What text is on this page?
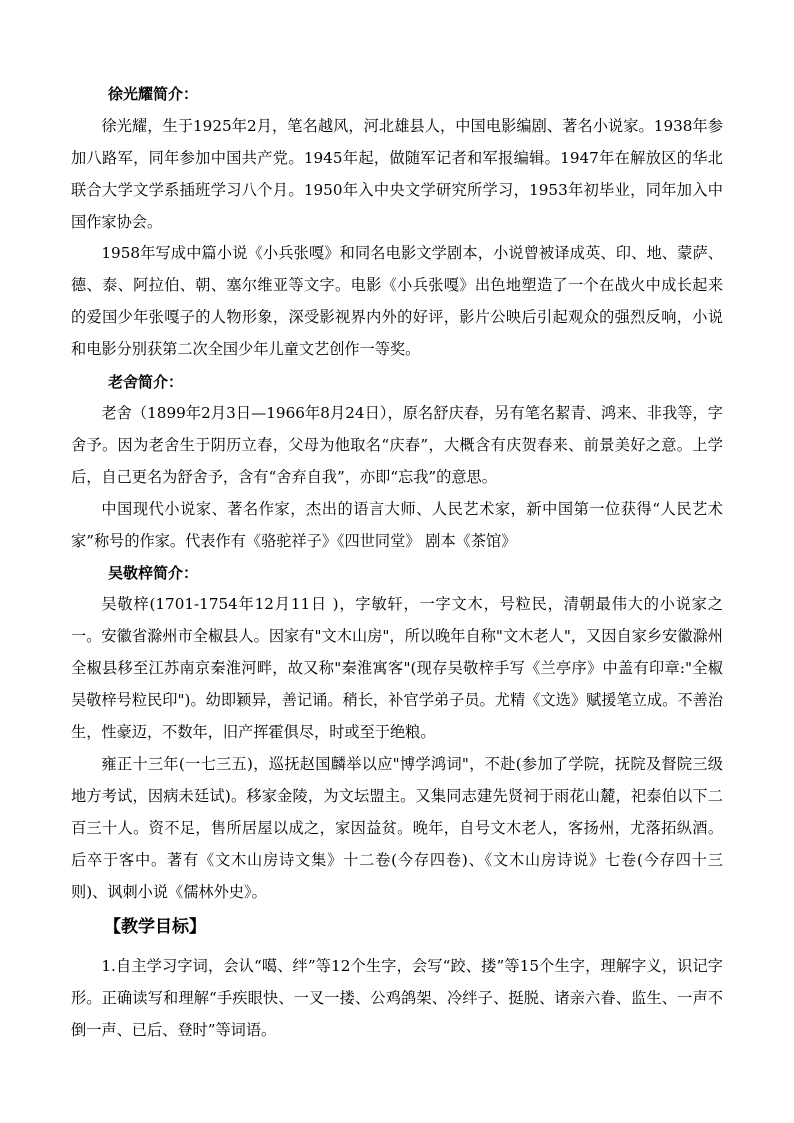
徐光耀简介：

徐光耀，生于1925年2月，笔名越风，河北雄县人，中国电影编剧、著名小说家。1938年参加八路军，同年参加中国共产党。1945年起，做随军记者和军报编辑。1947年在解放区的华北联合大学文学系插班学习八个月。1950年入中央文学研究所学习，1953年初毕业，同年加入中国作家协会。

1958年写成中篇小说《小兵张嘎》和同名电影文学剧本，小说曾被译成英、印、地、蒙萨、德、泰、阿拉伯、朝、塞尔维亚等文字。电影《小兵张嘎》出色地塑造了一个在战火中成长起来的爱国少年张嘎子的人物形象，深受影视界内外的好评，影片公映后引起观众的强烈反响，小说和电影分别获第二次全国少年儿童文艺创作一等奖。

老舍简介：

老舍（1899年2月3日—1966年8月24日），原名舒庆春，另有笔名絜青、鸿来、非我等，字舍予。因为老舍生于阴历立春，父母为他取名“庆春”，大概含有庆贺春来、前景美好之意。上学后，自己更名为舒舍予，含有“舍弃自我”，亦即“忘我”的意思。

中国现代小说家、著名作家，杰出的语言大师、人民艺术家，新中国第一位获得“人民艺术家”称号的作家。代表作有《骆驼祥子》《四世同堂》 剧本《茶馆》

吴敬梓简介：

吴敬梓(1701-1754年12月11日 )，字敏轩，一字文木，号粒民，清朝最伟大的小说家之一。安徽省滁州市全椒县人。因家有"文木山房"，所以晚年自称"文木老人"，又因自家乡安徽滁州全椒县移至江苏南京秦淮河畔，故又称"秦淮寓客"(现存吴敬梓手写《兰亭序》中盖有印章:"全椒吴敬梓号粒民印")。幼即颖异，善记诵。稍长，补官学弟子员。尤精《文选》赋援笔立成。不善治生，性豪迈，不数年，旧产挥霍俱尽，时或至于绝粮。

雍正十三年(一七三五)，巡抚赵国麟举以应"博学鸿词"，不赴(参加了学院，抚院及督院三级地方考试，因病未廷试)。移家金陵，为文坛盟主。又集同志建先贤祠于雨花山麓，祀泰伯以下二百三十人。资不足，售所居屋以成之，家因益贫。晚年，自号文木老人，客扬州，尤落拓纵酒。后卒于客中。著有《文木山房诗文集》十二卷(今存四卷)、《文木山房诗说》七卷(今存四十三则)、讽刺小说《儒林外史》。

【教学目标】

1.自主学习字词，会认“噶、绊”等12个生字，会写“跤、搂”等15个生字，理解字义，识记字形。正确读写和理解“手疾眼快、一叉一搂、公鸡鸽架、冷绊子、挺脱、诸亲六眷、监生、一声不倒一声、已后、登时”等词语。
